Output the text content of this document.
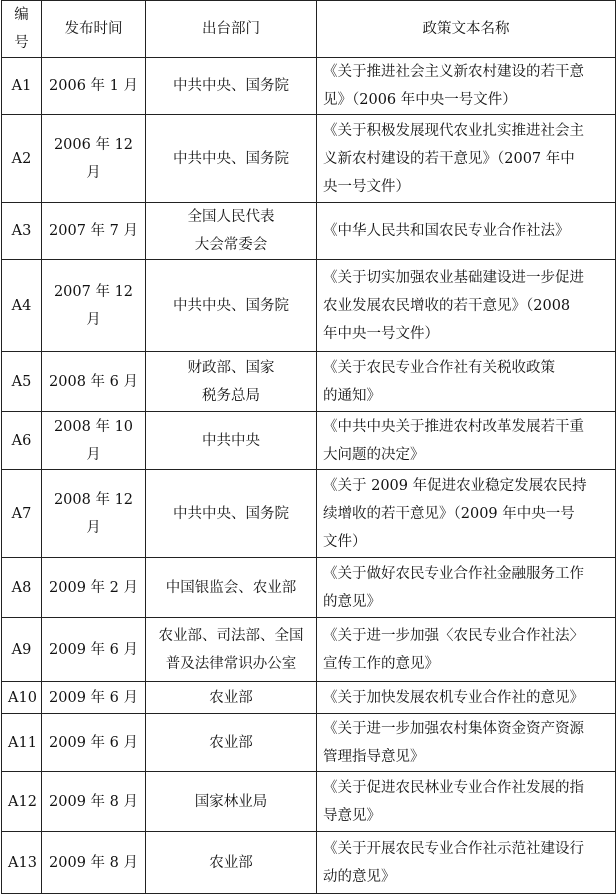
编号	发布时间	出台部门	政策文本名称
A1	2006 年 1 月	中共中央、国务院	《关于推进社会主义新农村建设的若干意
见》（2006 年中央一号文件）

A2	2006 年 12 月	中共中央、国务院	《关于积极发展现代农业扎实推进社会主
义新农村建设的若干意见》（2007 年中
央一号文件）

A3	2007 年 7 月	全国人民代表
大会常委会	《中华人民共和国农民专业合作社法》

A4	2007 年 12 月	中共中央、国务院	《关于切实加强农业基础建设进一步促进
农业发展农民增收的若干意见》（2008
年中央一号文件）

A5	2008 年 6 月	财政部、国家
税务总局	《关于农民专业合作社有关税收政策
的通知》

A6	2008 年 10 月	中共中央	《中共中央关于推进农村改革发展若干重
大问题的决定》

A7	2008 年 12 月	中共中央、国务院	《关于 2009 年促进农业稳定发展农民持
续增收的若干意见》（2009 年中央一号
文件）

A8	2009 年 2 月	中国银监会、农业部	《关于做好农民专业合作社金融服务工作
的意见》

A9	2009 年 6 月	农业部、司法部、全国
普及法律常识办公室	《关于进一步加强〈农民专业合作社法〉
宣传工作的意见》

A10	2009 年 6 月	农业部	《关于加快发展农机专业合作社的意见》

A11	2009 年 6 月	农业部	《关于进一步加强农村集体资金资产资源
管理指导意见》

A12	2009 年 8 月	国家林业局	《关于促进农民林业专业合作社发展的指
导意见》

A13	2009 年 8 月	农业部	《关于开展农民专业合作社示范社建设行
动的意见》
